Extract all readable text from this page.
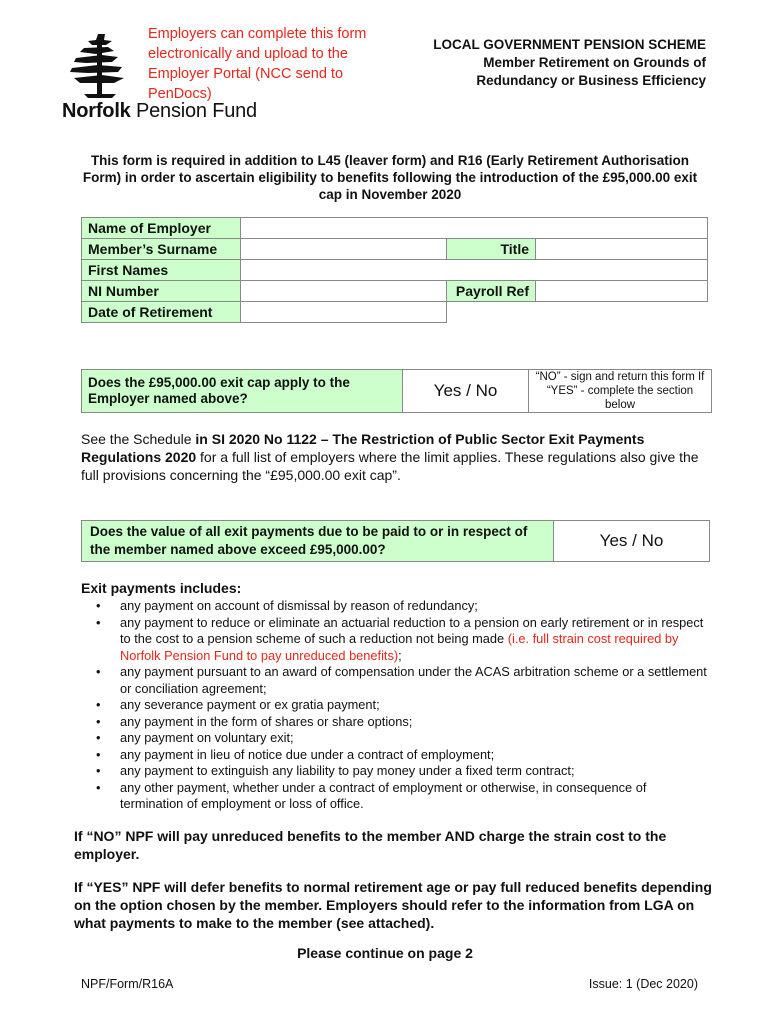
Norfolk Pension Fund
Employers can complete this form electronically and upload to the Employer Portal (NCC send to PenDocs)
LOCAL GOVERNMENT PENSION SCHEME
Member Retirement on Grounds of
Redundancy or Business Efficiency
This form is required in addition to L45 (leaver form) and R16 (Early Retirement Authorisation Form) in order to ascertain eligibility to benefits following the introduction of the £95,000.00 exit cap in November 2020
Name of Employer			
Member’s Surname		Title	
First Names			
NI Number		Payroll Ref	
Date of Retirement			
Does the £95,000.00 exit cap apply to the Employer named above?	Yes / No	“NO” - sign and return this form If “YES” - complete the section below
See the Schedule in SI 2020 No 1122 – The Restriction of Public Sector Exit Payments Regulations 2020 for a full list of employers where the limit applies. These regulations also give the full provisions concerning the “£95,000.00 exit cap”.
Does the value of all exit payments due to be paid to or in respect of the member named above exceed £95,000.00?	Yes / No
Exit payments includes:
• any payment on account of dismissal by reason of redundancy;
• any payment to reduce or eliminate an actuarial reduction to a pension on early retirement or in respect to the cost to a pension scheme of such a reduction not being made (i.e. full strain cost required by Norfolk Pension Fund to pay unreduced benefits);
• any payment pursuant to an award of compensation under the ACAS arbitration scheme or a settlement or conciliation agreement;
• any severance payment or ex gratia payment;
• any payment in the form of shares or share options;
• any payment on voluntary exit;
• any payment in lieu of notice due under a contract of employment;
• any payment to extinguish any liability to pay money under a fixed term contract;
• any other payment, whether under a contract of employment or otherwise, in consequence of termination of employment or loss of office.
If “NO” NPF will pay unreduced benefits to the member AND charge the strain cost to the employer.
If “YES” NPF will defer benefits to normal retirement age or pay full reduced benefits depending on the option chosen by the member. Employers should refer to the information from LGA on what payments to make to the member (see attached).
Please continue on page 2
NPF/Form/R16A	Issue: 1 (Dec 2020)
